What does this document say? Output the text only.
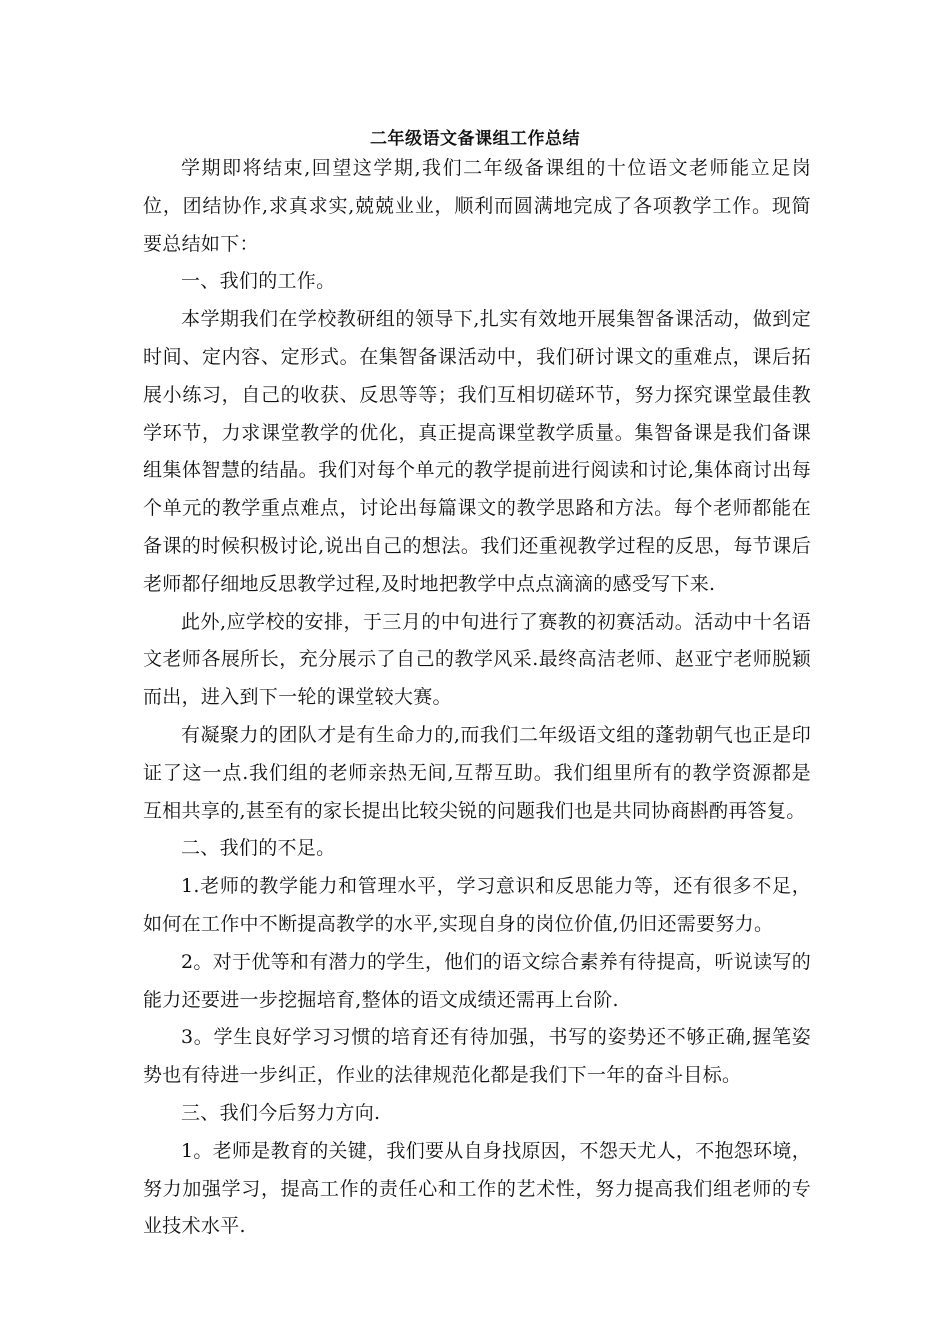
二年级语文备课组工作总结

学期即将结束,回望这学期,我们二年级备课组的十位语文老师能立足岗位，团结协作,求真求实,兢兢业业，顺利而圆满地完成了各项教学工作。现简要总结如下：

一、我们的工作。

本学期我们在学校教研组的领导下,扎实有效地开展集智备课活动，做到定时间、定内容、定形式。在集智备课活动中，我们研讨课文的重难点，课后拓展小练习，自己的收获、反思等等；我们互相切磋环节，努力探究课堂最佳教学环节，力求课堂教学的优化，真正提高课堂教学质量。集智备课是我们备课组集体智慧的结晶。我们对每个单元的教学提前进行阅读和讨论,集体商讨出每个单元的教学重点难点，讨论出每篇课文的教学思路和方法。每个老师都能在备课的时候积极讨论,说出自己的想法。我们还重视教学过程的反思，每节课后老师都仔细地反思教学过程,及时地把教学中点点滴滴的感受写下来.

此外,应学校的安排，于三月的中旬进行了赛教的初赛活动。活动中十名语文老师各展所长，充分展示了自己的教学风采.最终高洁老师、赵亚宁老师脱颖而出，进入到下一轮的课堂较大赛。

有凝聚力的团队才是有生命力的,而我们二年级语文组的蓬勃朝气也正是印证了这一点.我们组的老师亲热无间,互帮互助。我们组里所有的教学资源都是互相共享的,甚至有的家长提出比较尖锐的问题我们也是共同协商斟酌再答复。

二、我们的不足。

1.老师的教学能力和管理水平，学习意识和反思能力等，还有很多不足，如何在工作中不断提高教学的水平,实现自身的岗位价值,仍旧还需要努力。

2。对于优等和有潜力的学生，他们的语文综合素养有待提高，听说读写的能力还要进一步挖掘培育,整体的语文成绩还需再上台阶.

3。学生良好学习习惯的培育还有待加强，书写的姿势还不够正确,握笔姿势也有待进一步纠正，作业的法律规范化都是我们下一年的奋斗目标。

三、我们今后努力方向.

1。老师是教育的关键，我们要从自身找原因，不怨天尤人，不抱怨环境，努力加强学习，提高工作的责任心和工作的艺术性，努力提高我们组老师的专业技术水平.
